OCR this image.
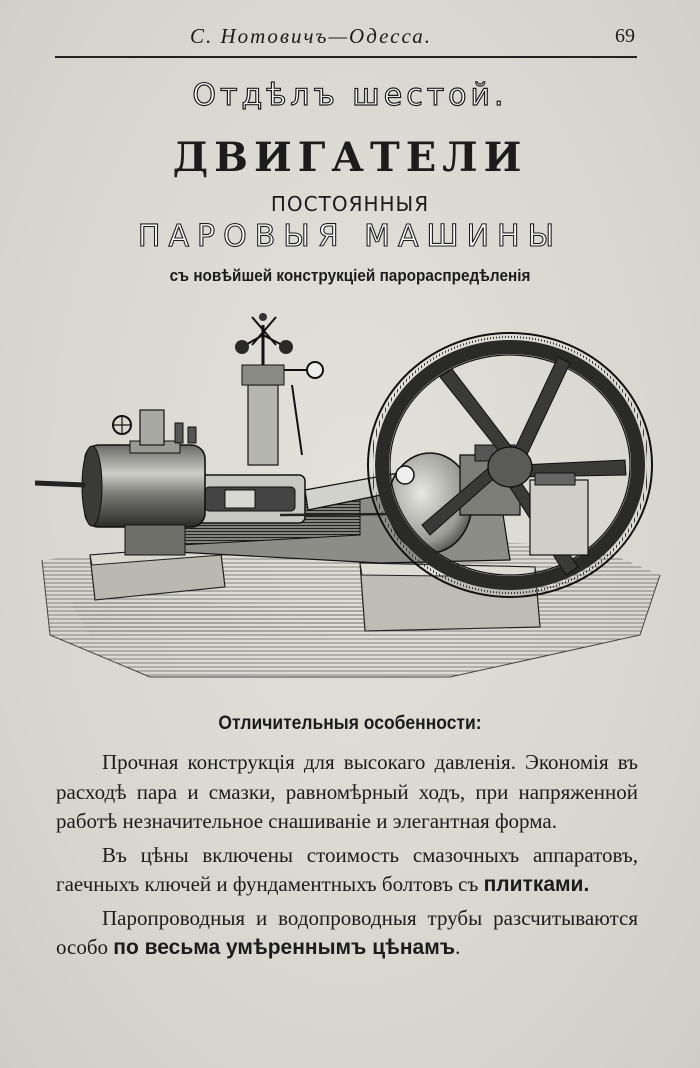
С. Нотовичъ—Одесса.	69
Отдѣлъ шестой.
ДВИГАТЕЛИ
ПОСТОЯННЫЯ
ПАРОВЫЯ МАШИНЫ
съ новѣйшей конструкціей парораспредѣленія
Отличительныя особенности:

Прочная конструкція для высокаго давленія. Экономія въ расходѣ пара и смазки, равномѣрный ходъ, при напряженной работѣ незначительное снашиваніе и элегантная форма.

Въ цѣны включены стоимость смазочныхъ аппаратовъ, гаечныхъ ключей и фундаментныхъ болтовъ съ плитками.

Паропроводныя и водопроводныя трубы разсчитываются особо по весьма умѣреннымъ цѣнамъ.
